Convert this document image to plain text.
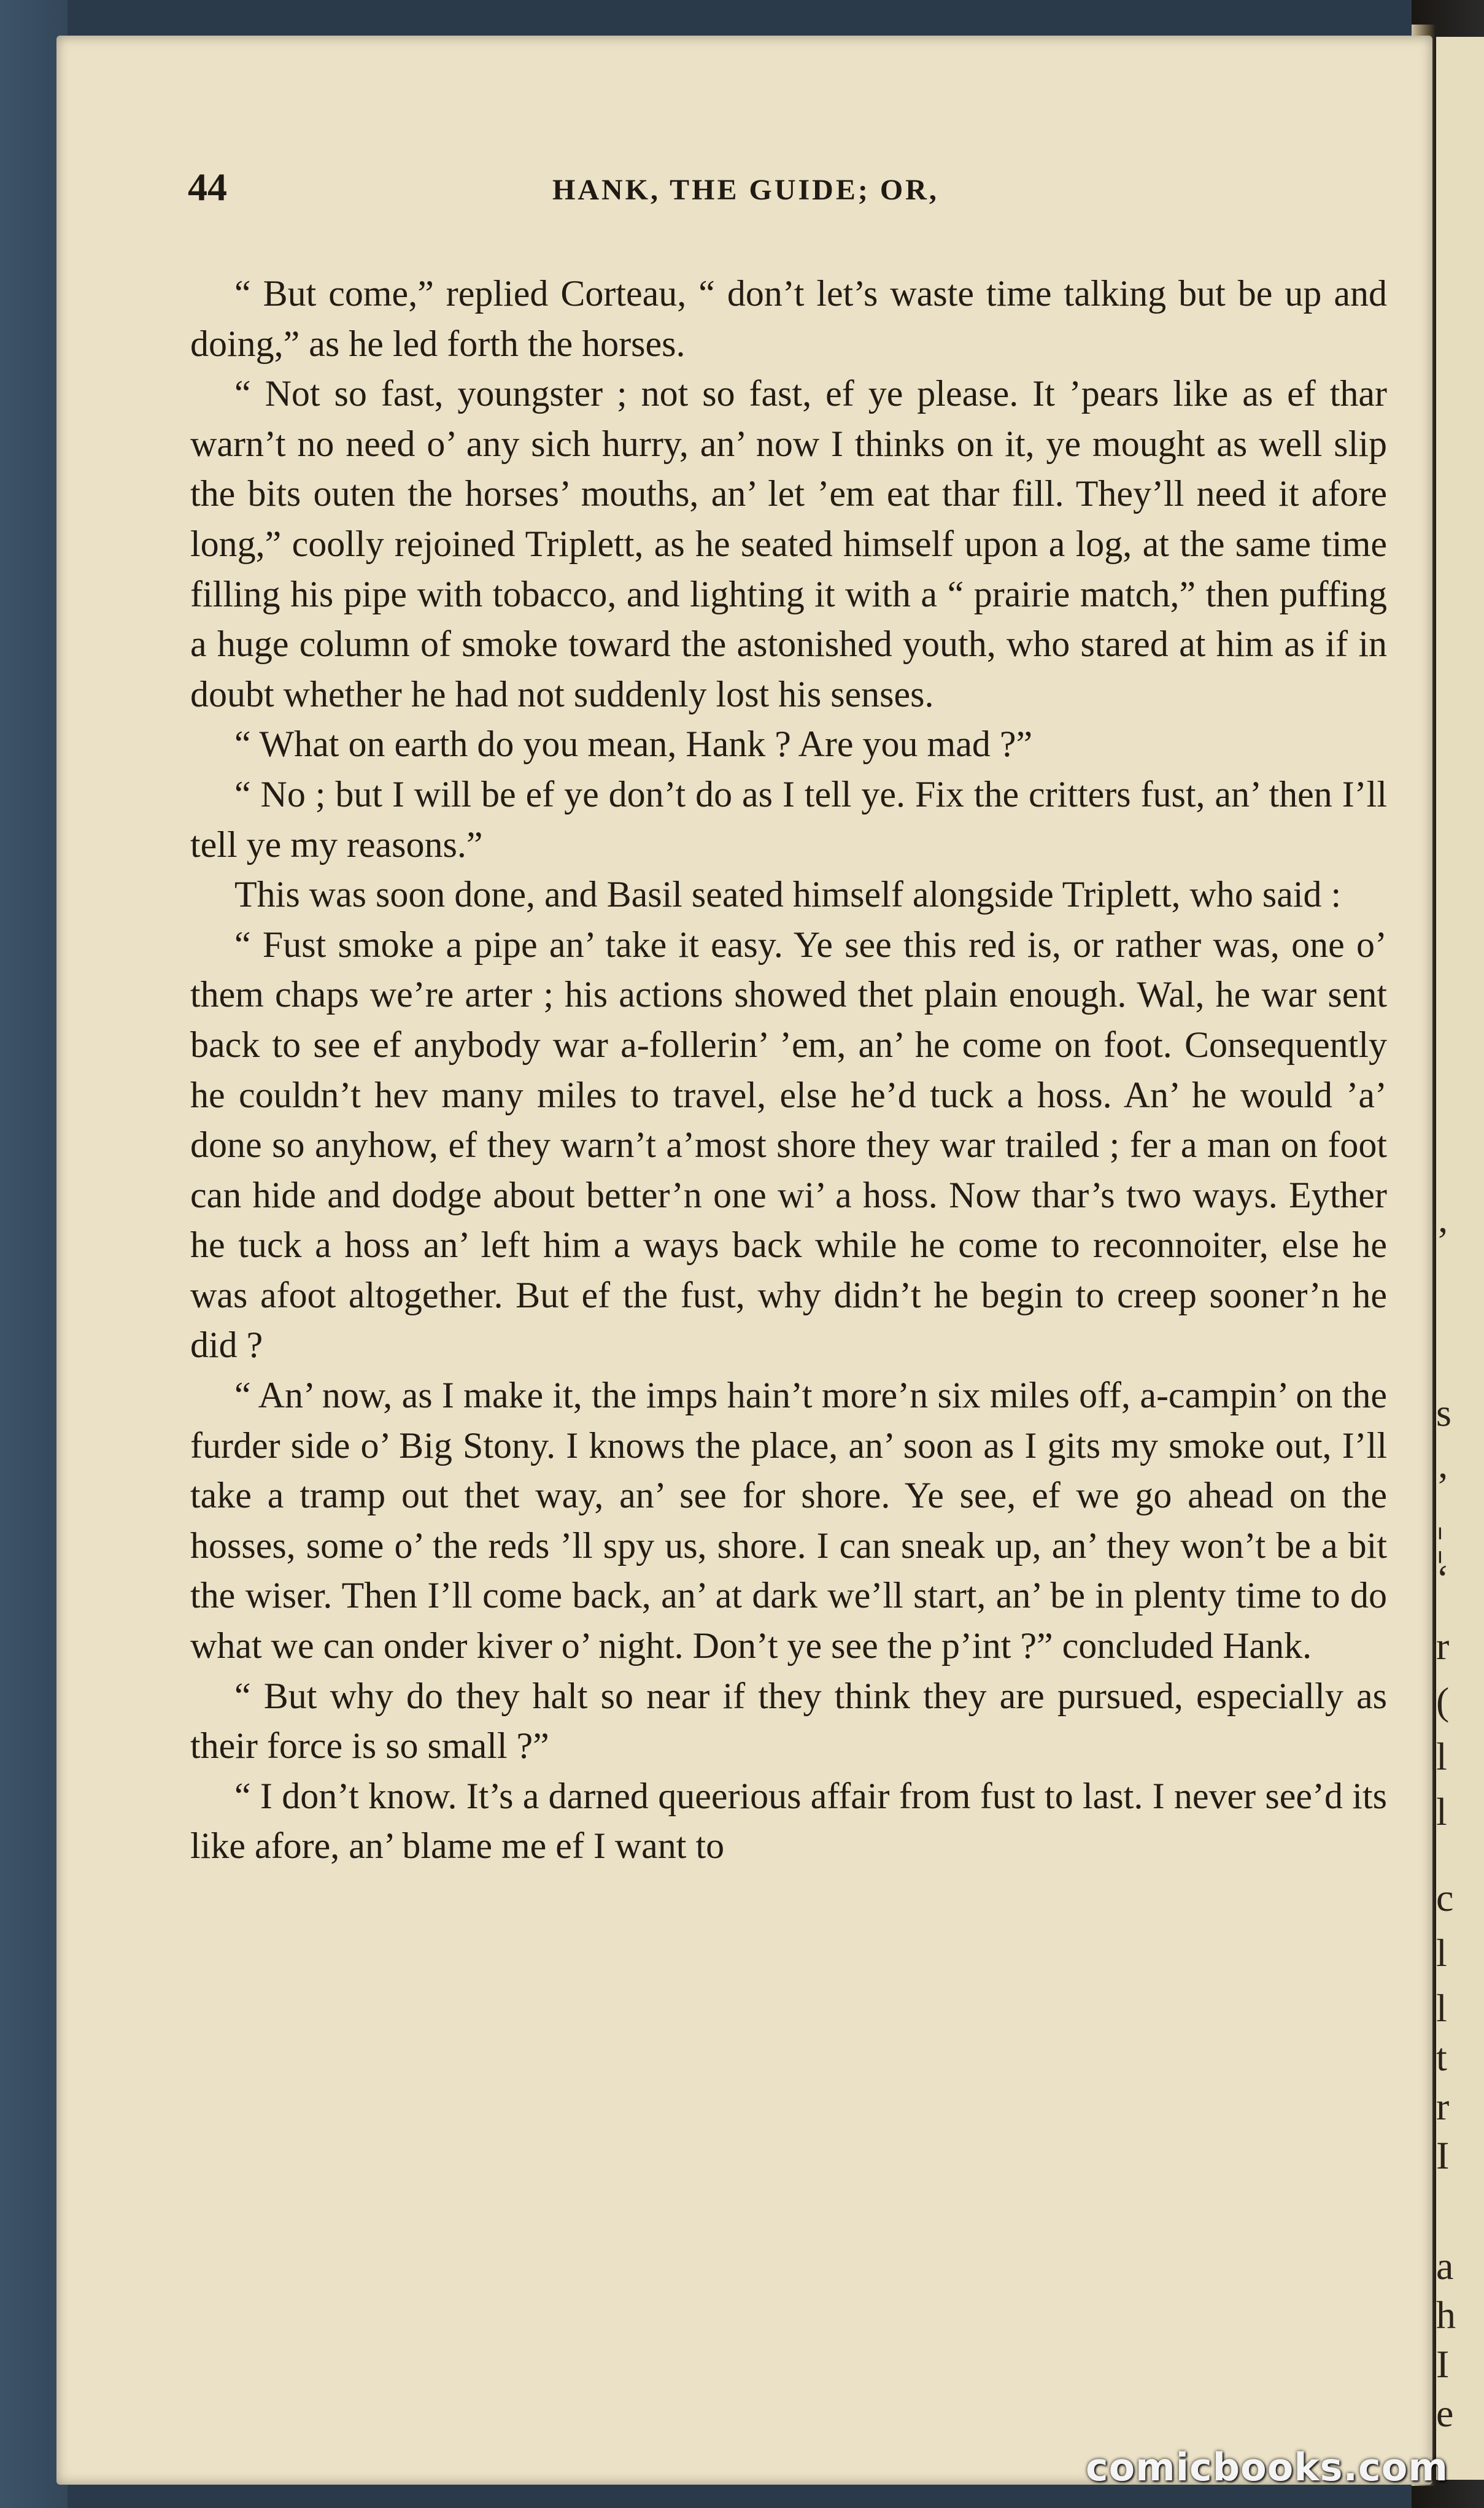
’
s
’
¦
‘
r
(
l
l
c
l
l
t
r
I
a
h
I
e
44	HANK, THE GUIDE; OR,

“ But come,” replied Corteau, “ don’t let’s waste time talking but be up and doing,” as he led forth the horses.

“ Not so fast, youngster ; not so fast, ef ye please. It ’pears like as ef thar warn’t no need o’ any sich hurry, an’ now I thinks on it, ye mought as well slip the bits outen the horses’ mouths, an’ let ’em eat thar fill. They’ll need it afore long,” coolly rejoined Triplett, as he seated himself upon a log, at the same time filling his pipe with tobacco, and lighting it with a “ prairie match,” then puffing a huge column of smoke toward the astonished youth, who stared at him as if in doubt whether he had not suddenly lost his senses.

“ What on earth do you mean, Hank ? Are you mad ?”

“ No ; but I will be ef ye don’t do as I tell ye. Fix the critters fust, an’ then I’ll tell ye my reasons.”

This was soon done, and Basil seated himself alongside Triplett, who said :

“ Fust smoke a pipe an’ take it easy. Ye see this red is, or rather was, one o’ them chaps we’re arter ; his actions showed thet plain enough. Wal, he war sent back to see ef anybody war a-follerin’ ’em, an’ he come on foot. Consequently he couldn’t hev many miles to travel, else he’d tuck a hoss. An’ he would ’a’ done so anyhow, ef they warn’t a’most shore they war trailed ; fer a man on foot can hide and dodge about better’n one wi’ a hoss. Now thar’s two ways. Eyther he tuck a hoss an’ left him a ways back while he come to reconnoiter, else he was afoot altogether. But ef the fust, why didn’t he begin to creep sooner’n he did ?

“ An’ now, as I make it, the imps hain’t more’n six miles off, a-campin’ on the furder side o’ Big Stony. I knows the place, an’ soon as I gits my smoke out, I’ll take a tramp out thet way, an’ see for shore. Ye see, ef we go ahead on the hosses, some o’ the reds ’ll spy us, shore. I can sneak up, an’ they won’t be a bit the wiser. Then I’ll come back, an’ at dark we’ll start, an’ be in plenty time to do what we can onder kiver o’ night. Don’t ye see the p’int ?” concluded Hank.

“ But why do they halt so near if they think they are pursued, especially as their force is so small ?”

“ I don’t know. It’s a darned queerious affair from fust to last. I never see’d its like afore, an’ blame me ef I want to

comicbooks.com
